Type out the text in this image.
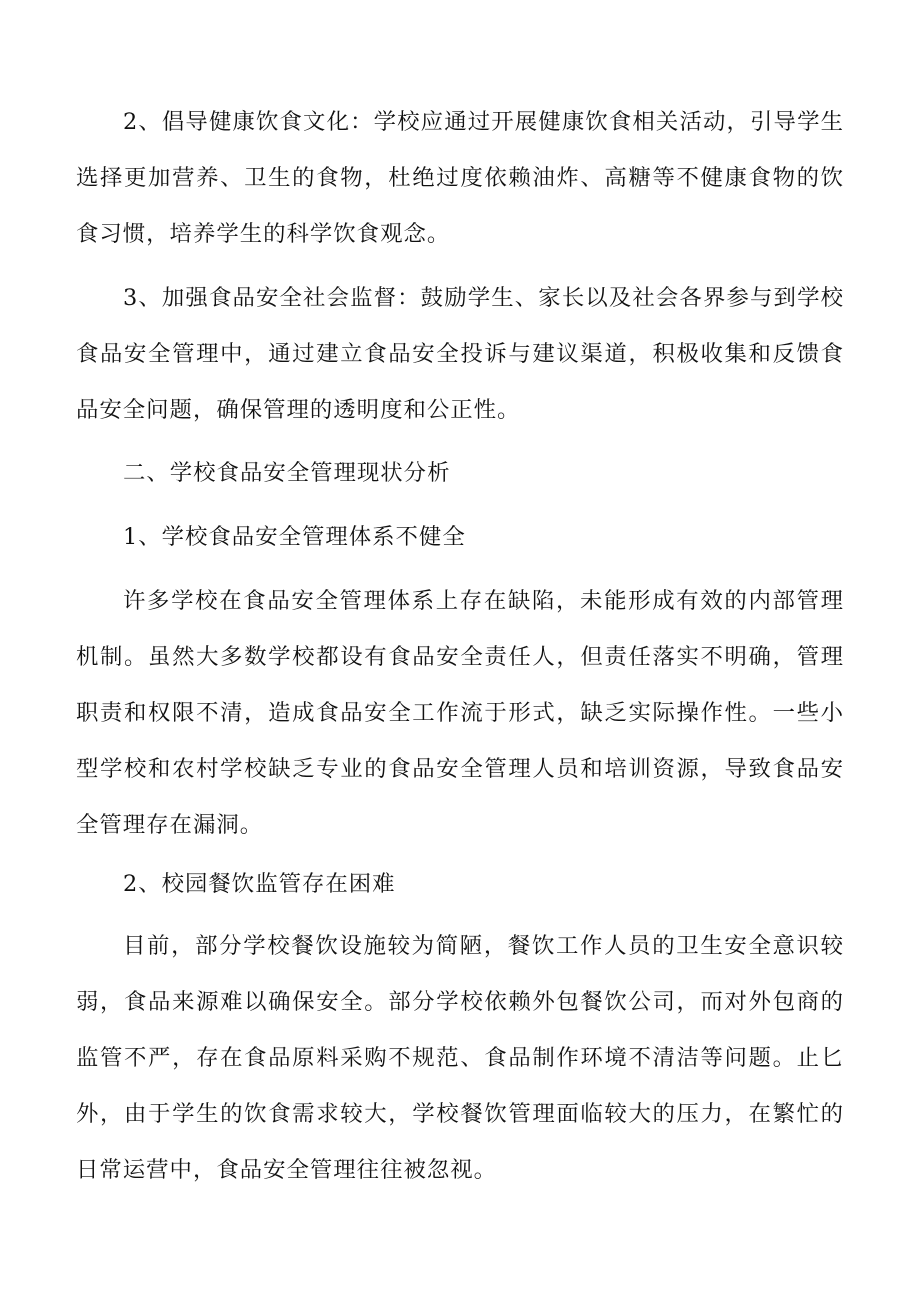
2、倡导健康饮食文化：学校应通过开展健康饮食相关活动，引导学生选择更加营养、卫生的食物，杜绝过度依赖油炸、高糖等不健康食物的饮食习惯，培养学生的科学饮食观念。

3、加强食品安全社会监督：鼓励学生、家长以及社会各界参与到学校食品安全管理中，通过建立食品安全投诉与建议渠道，积极收集和反馈食品安全问题，确保管理的透明度和公正性。

二、学校食品安全管理现状分析

1、学校食品安全管理体系不健全

许多学校在食品安全管理体系上存在缺陷，未能形成有效的内部管理机制。虽然大多数学校都设有食品安全责任人，但责任落实不明确，管理职责和权限不清，造成食品安全工作流于形式，缺乏实际操作性。一些小型学校和农村学校缺乏专业的食品安全管理人员和培训资源，导致食品安全管理存在漏洞。

2、校园餐饮监管存在困难

目前，部分学校餐饮设施较为简陋，餐饮工作人员的卫生安全意识较弱，食品来源难以确保安全。部分学校依赖外包餐饮公司，而对外包商的监管不严，存在食品原料采购不规范、食品制作环境不清洁等问题。止匕外，由于学生的饮食需求较大，学校餐饮管理面临较大的压力，在繁忙的日常运营中，食品安全管理往往被忽视。
